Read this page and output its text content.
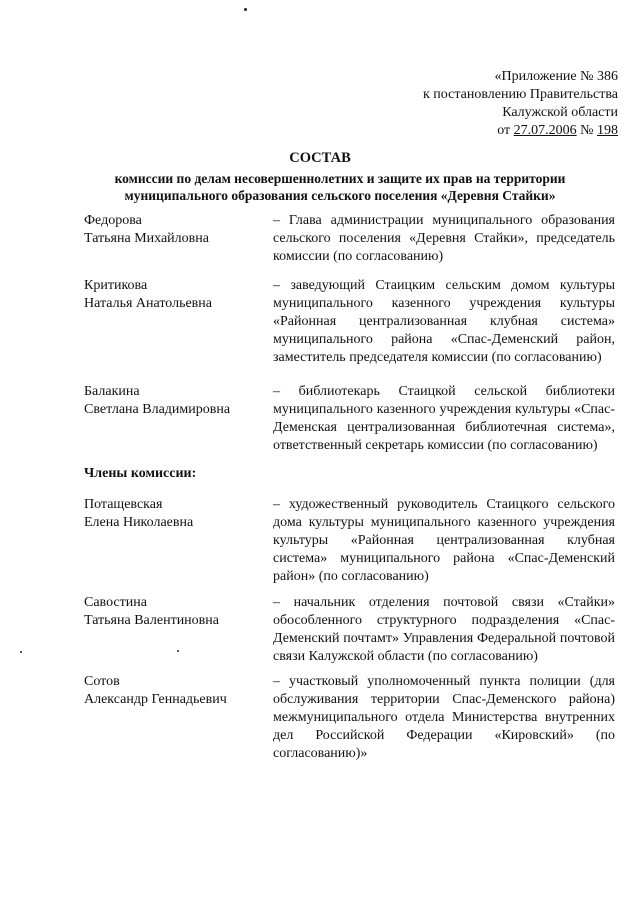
«Приложение № 386
к постановлению Правительства
Калужской области
от 27.07.2006 № 198
СОСТАВ
комиссии по делам несовершеннолетних и защите их прав на территории
муниципального образования сельского поселения «Деревня Стайки»
Федорова
Татьяна Михайловна
– Глава администрации муниципального образования сельского поселения «Деревня Стайки», председатель комиссии (по согласованию)
Критикова
Наталья Анатольевна
– заведующий Стаицким сельским домом культуры муниципального казенного учреждения культуры «Районная централизованная клубная система» муниципального района «Спас-Деменский район, заместитель председателя комиссии (по согласованию)
Балакина
Светлана Владимировна
– библиотекарь Стаицкой сельской библиотеки муниципального казенного учреждения культуры «Спас-Деменская централизованная библиотечная система», ответственный секретарь комиссии (по согласованию)
Члены комиссии:
Потащевская
Елена Николаевна
– художественный руководитель Стаицкого сельского дома культуры муниципального казенного учреждения культуры «Районная централизованная клубная система» муниципального района «Спас-Деменский район» (по согласованию)
Савостина
Татьяна Валентиновна
– начальник отделения почтовой связи «Стайки» обособленного структурного подразделения «Спас-Деменский почтамт» Управления Федеральной почтовой связи Калужской области (по согласованию)
Сотов
Александр Геннадьевич
– участковый уполномоченный пункта полиции (для обслуживания территории Спас-Деменского района) межмуниципального отдела Министерства внутренних дел Российской Федерации «Кировский» (по согласованию)»
